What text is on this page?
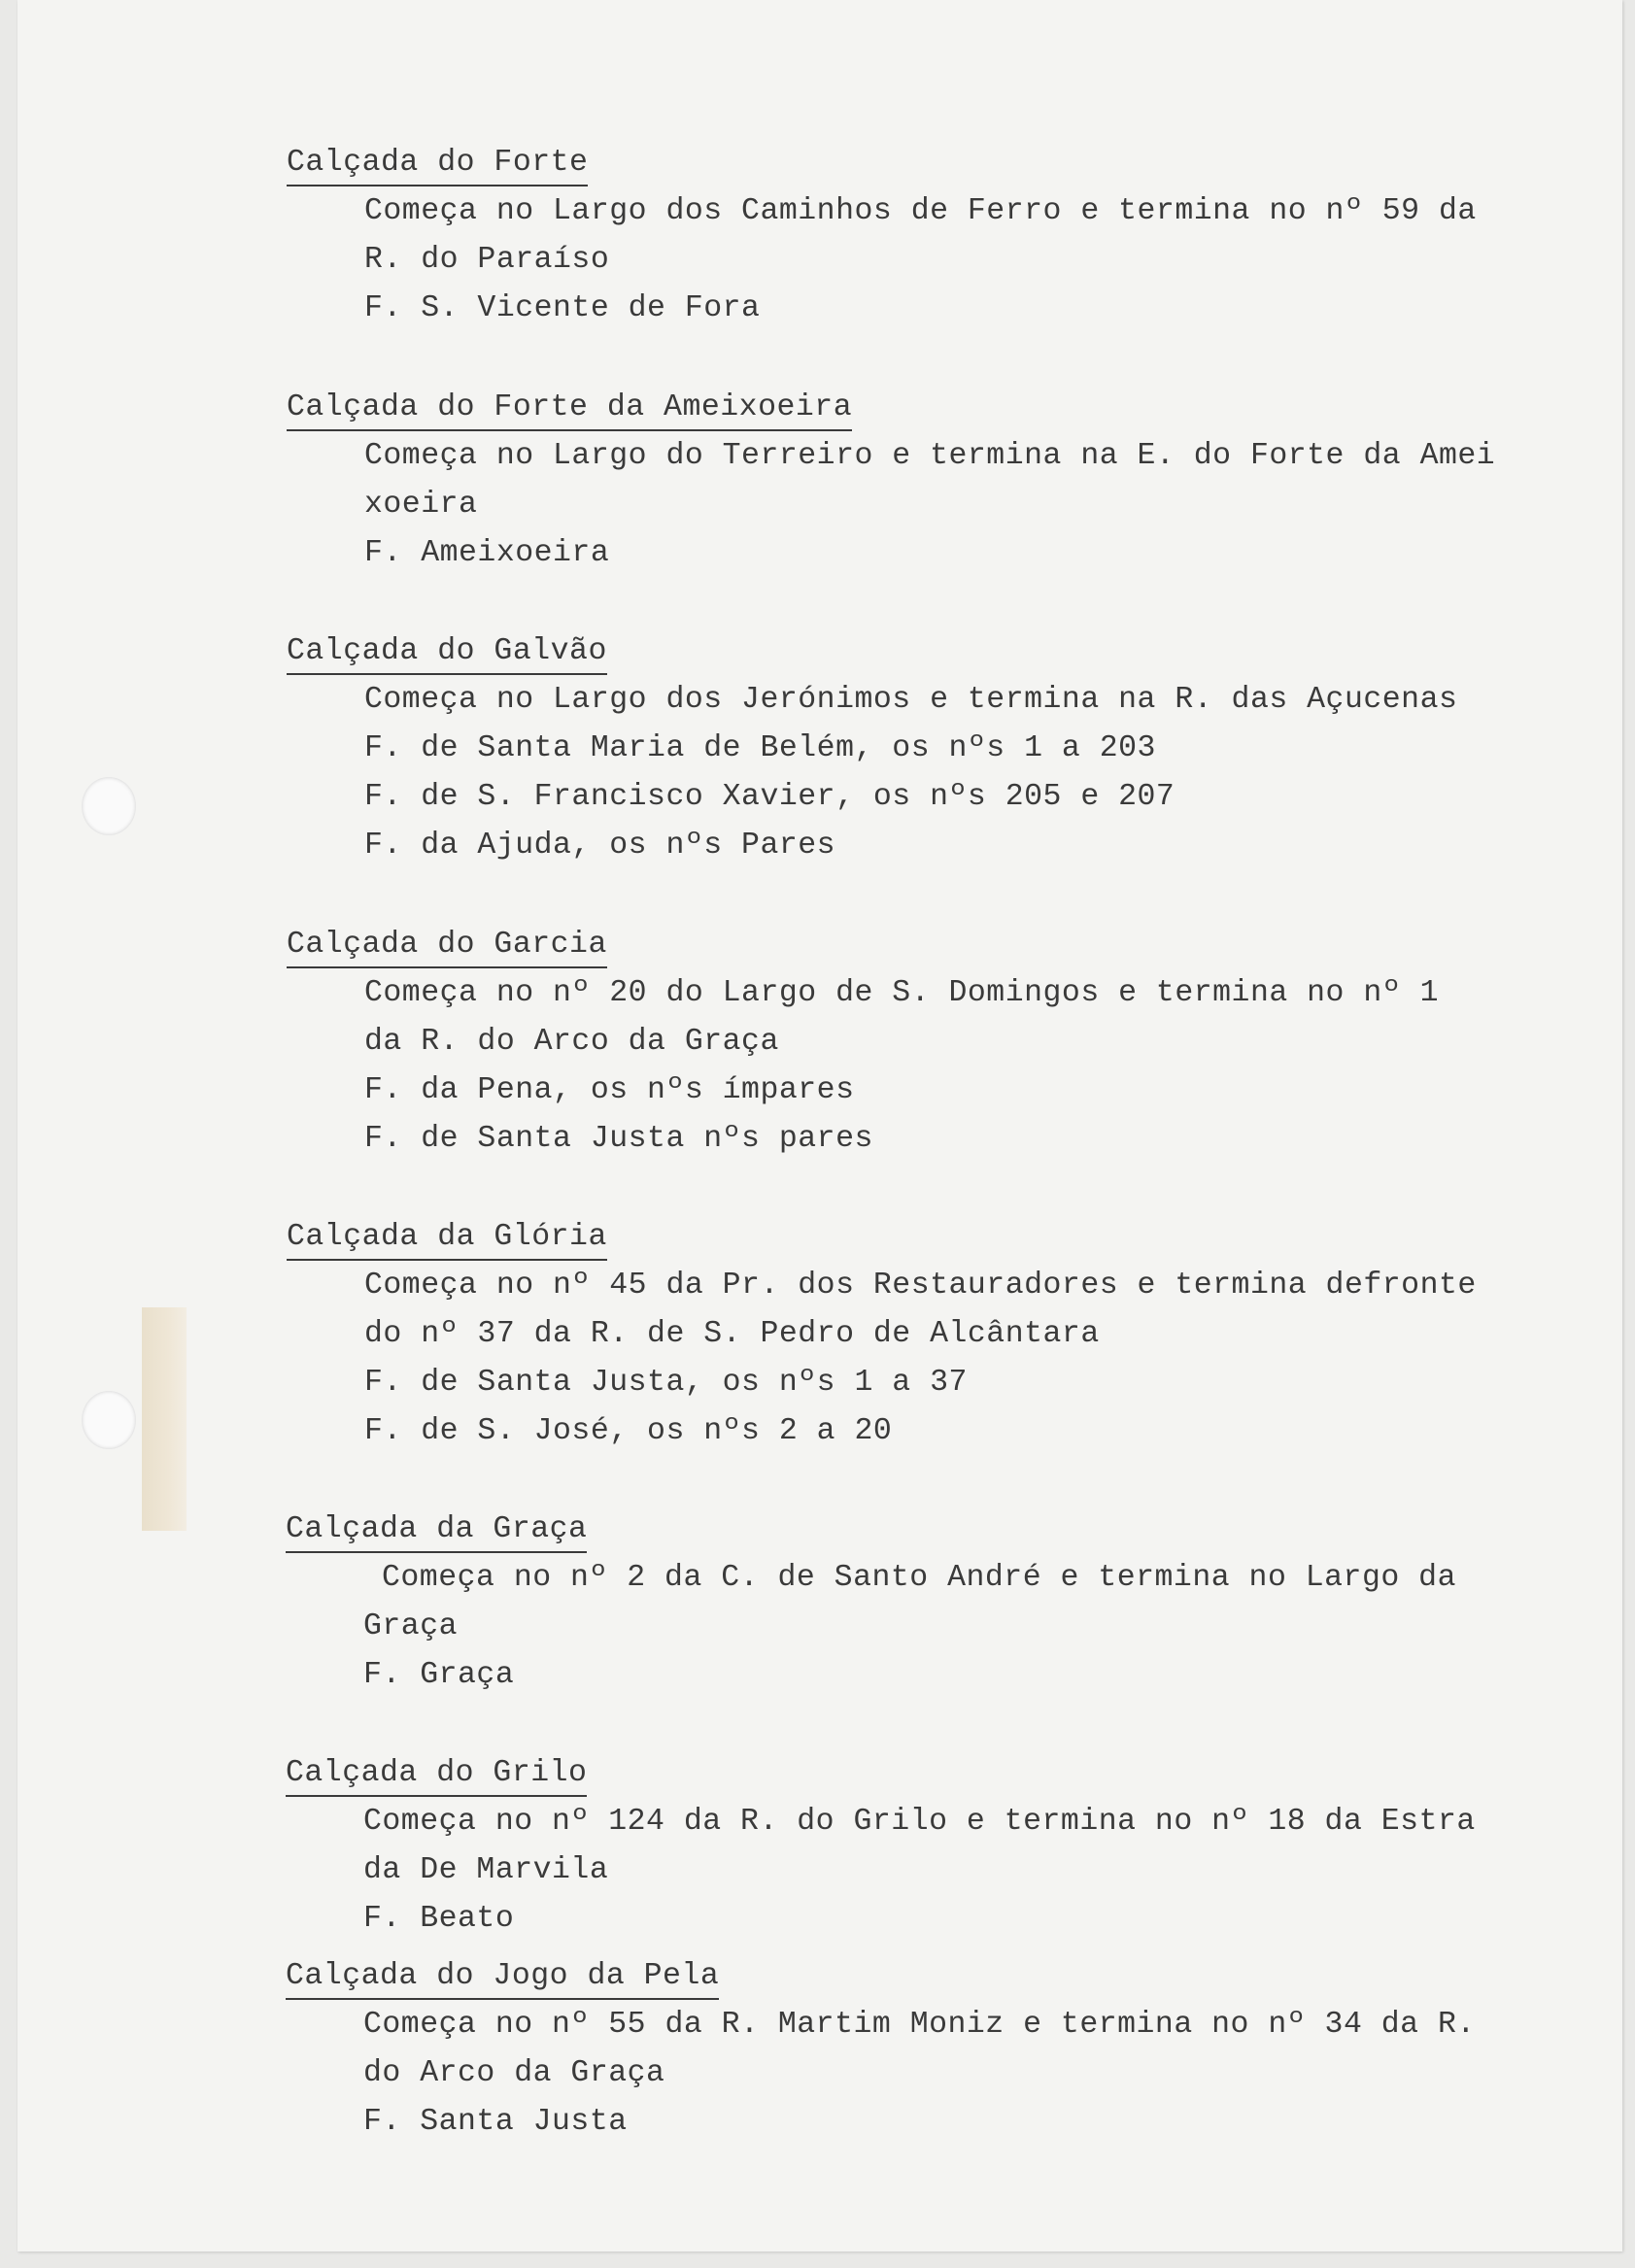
Calçada do Forte
Começa no Largo dos Caminhos de Ferro e termina no nº 59 da
R. do Paraíso
F. S. Vicente de Fora
Calçada do Forte da Ameixoeira
Começa no Largo do Terreiro e termina na E. do Forte da Amei
xoeira
F. Ameixoeira
Calçada do Galvão
Começa no Largo dos Jerónimos e termina na R. das Açucenas
F. de Santa Maria de Belém, os nºs 1 a 203
F. de S. Francisco Xavier, os nºs 205 e 207
F. da Ajuda, os nºs Pares
Calçada do Garcia
Começa no nº 20 do Largo de S. Domingos e termina no nº 1
da R. do Arco da Graça
F. da Pena, os nºs ímpares
F. de Santa Justa nºs pares
Calçada da Glória
Começa no nº 45 da Pr. dos Restauradores e termina defronte
do nº 37 da R. de S. Pedro de Alcântara
F. de Santa Justa, os nºs 1 a 37
F. de S. José, os nºs 2 a 20
Calçada da Graça
Começa no nº 2 da C. de Santo André e termina no Largo da
Graça
F. Graça
Calçada do Grilo
Começa no nº 124 da R. do Grilo e termina no nº 18 da Estra
da De Marvila
F. Beato
Calçada do Jogo da Pela
Começa no nº 55 da R. Martim Moniz e termina no nº 34 da R.
do Arco da Graça
F. Santa Justa
